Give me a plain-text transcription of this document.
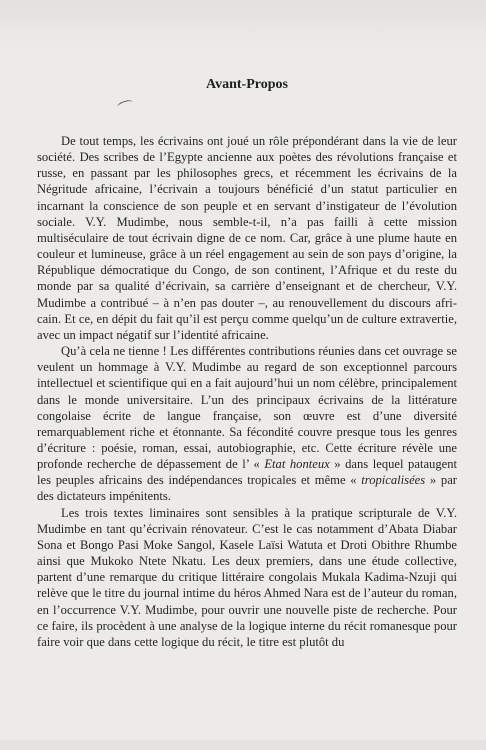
Avant-Propos

De tout temps, les écrivains ont joué un rôle prépondérant dans la vie de leur société. Des scribes de l’Egypte ancienne aux poètes des révolutions française et russe, en passant par les philosophes grecs, et récemment les écrivains de la Négritude africaine, l’écrivain a toujours bénéficié d’un statut particulier en incarnant la conscience de son peuple et en servant d’instigateur de l’évolution sociale. V.Y. Mudimbe, nous semble-t-il, n’a pas failli à cette mission multiséculaire de tout écrivain digne de ce nom. Car, grâce à une plume haute en couleur et lumineuse, grâce à un réel engagement au sein de son pays d’origine, la République démocratique du Congo, de son continent, l’Afrique et du reste du monde par sa qualité d’écrivain, sa carrière d’enseignant et de chercheur, V.Y. Mudimbe a contribué – à n’en pas douter –, au renouvellement du discours africain. Et ce, en dépit du fait qu’il est perçu comme quelqu’un de culture extravertie, avec un impact négatif sur l’identité africaine.

Qu’à cela ne tienne ! Les différentes contributions réunies dans cet ouvrage se veulent un hommage à V.Y. Mudimbe au regard de son exceptionnel parcours intellectuel et scientifique qui en a fait aujourd’hui un nom célèbre, principalement dans le monde universitaire. L’un des principaux écrivains de la littérature congolaise écrite de langue française, son œuvre est d’une diversité remarquablement riche et étonnante. Sa fécondité couvre presque tous les genres d’écriture : poésie, roman, essai, autobiographie, etc. Cette écriture révèle une profonde recherche de dépassement de l’ « Etat honteux » dans lequel pataugent les peuples africains des indépendances tropicales et même « tropicalisées » par des dictateurs impénitents.

Les trois textes liminaires sont sensibles à la pratique scripturale de V.Y. Mudimbe en tant qu’écrivain rénovateur. C’est le cas notamment d’Abata Diabar Sona et Bongo Pasi Moke Sangol, Kasele Laïsi Watuta et Droti Obithre Rhumbe ainsi que Mukoko Ntete Nkatu. Les deux premiers, dans une étude collective, partent d’une remarque du critique littéraire congolais Mukala Kadima-Nzuji qui relève que le titre du journal intime du héros Ahmed Nara est de l’auteur du roman, en l’occurrence V.Y. Mudimbe, pour ouvrir une nouvelle piste de recherche. Pour ce faire, ils procèdent à une analyse de la logique interne du récit romanesque pour faire voir que dans cette logique du récit, le titre est plutôt du
